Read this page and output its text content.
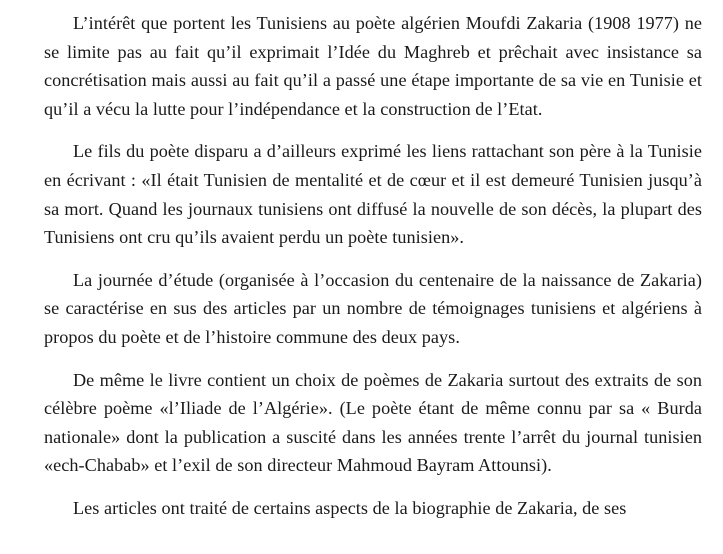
L’intérêt que portent les Tunisiens au poète algérien Moufdi Zakaria (1908 1977) ne se limite pas au fait qu’il exprimait l’Idée du Maghreb et prêchait avec insistance sa concrétisation mais aussi au fait qu’il a passé une étape importante de sa vie en Tunisie et qu’il a vécu la lutte pour l’indépendance et la construction de l’Etat.

Le fils du poète disparu a d’ailleurs exprimé les liens rattachant son père à la Tunisie en écrivant : «Il était Tunisien de mentalité et de cœur et il est demeuré Tunisien jusqu’à sa mort. Quand les journaux tunisiens ont diffusé la nouvelle de son décès, la plupart des Tunisiens ont cru qu’ils avaient perdu un poète tunisien».

La journée d’étude (organisée à l’occasion du centenaire de la naissance de Zakaria) se caractérise en sus des articles par un nombre de témoignages tunisiens et algériens à propos du poète et de l’histoire commune des deux pays.

De même le livre contient un choix de poèmes de Zakaria surtout des extraits de son célèbre poème «l’Iliade de l’Algérie». (Le poète étant de même connu par sa « Burda nationale» dont la publication a suscité dans les années trente l’arrêt du journal tunisien «ech-Chabab» et l’exil de son directeur Mahmoud Bayram Attounsi).

Les articles ont traité de certains aspects de la biographie de Zakaria, de ses
